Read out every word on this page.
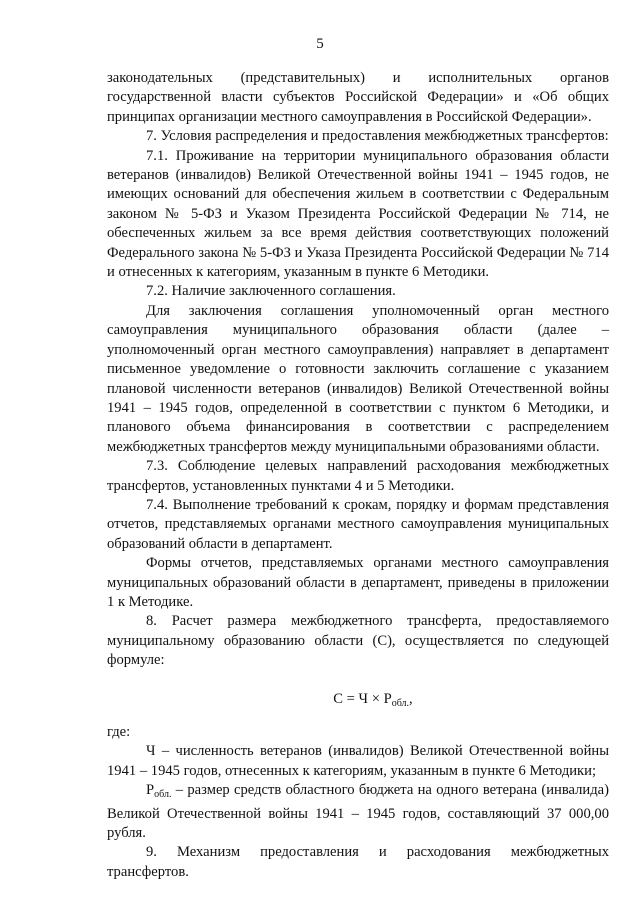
5

законодательных (представительных) и исполнительных органов государственной власти субъектов Российской Федерации» и «Об общих принципах организации местного самоуправления в Российской Федерации».

7. Условия распределения и предоставления межбюджетных трансфертов:

7.1. Проживание на территории муниципального образования области ветеранов (инвалидов) Великой Отечественной войны 1941 – 1945 годов, не имеющих оснований для обеспечения жильем в соответствии с Федеральным законом № 5-ФЗ и Указом Президента Российской Федерации № 714, не обеспеченных жильем за все время действия соответствующих положений Федерального закона № 5-ФЗ и Указа Президента Российской Федерации № 714 и отнесенных к категориям, указанным в пункте 6 Методики.

7.2. Наличие заключенного соглашения.

Для заключения соглашения уполномоченный орган местного самоуправления муниципального образования области (далее – уполномоченный орган местного самоуправления) направляет в департамент письменное уведомление о готовности заключить соглашение с указанием плановой численности ветеранов (инвалидов) Великой Отечественной войны 1941 – 1945 годов, определенной в соответствии с пунктом 6 Методики, и планового объема финансирования в соответствии с распределением межбюджетных трансфертов между муниципальными образованиями области.

7.3. Соблюдение целевых направлений расходования межбюджетных трансфертов, установленных пунктами 4 и 5 Методики.

7.4. Выполнение требований к срокам, порядку и формам представления отчетов, представляемых органами местного самоуправления муниципальных образований области в департамент.

Формы отчетов, представляемых органами местного самоуправления муниципальных образований области в департамент, приведены в приложении 1 к Методике.

8. Расчет размера межбюджетного трансферта, предоставляемого муниципальному образованию области (С), осуществляется по следующей формуле:

$С = Ч \times P_{обл.}$,

где:

Ч – численность ветеранов (инвалидов) Великой Отечественной войны 1941 – 1945 годов, отнесенных к категориям, указанным в пункте 6 Методики;

$P_{обл.}$ – размер средств областного бюджета на одного ветерана (инвалида) Великой Отечественной войны 1941 – 1945 годов, составляющий 37 000,00 рубля.

9. Механизм предоставления и расходования межбюджетных трансфертов.
